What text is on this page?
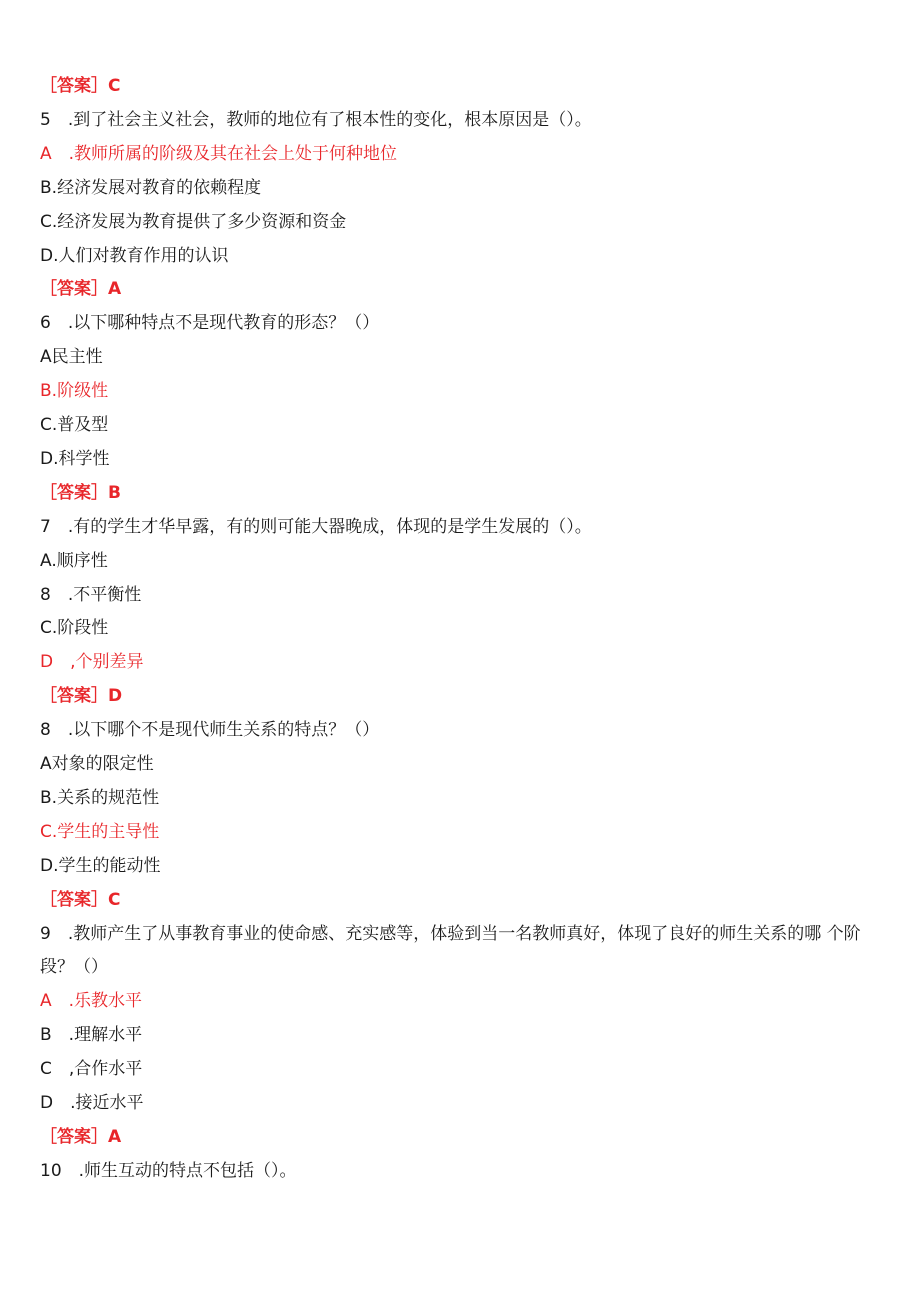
［答案］C
5　.到了社会主义社会，教师的地位有了根本性的变化，根本原因是（）。
A　.教师所属的阶级及其在社会上处于何种地位
B.经济发展对教育的依赖程度
C.经济发展为教育提供了多少资源和资金
D.人们对教育作用的认识
［答案］A
6　.以下哪种特点不是现代教育的形态？（）
A民主性
B.阶级性
C.普及型
D.科学性
［答案］B
7　.有的学生才华早露，有的则可能大器晚成，体现的是学生发展的（）。
A.顺序性
8　.不平衡性
C.阶段性
D　,个别差异
［答案］D
8　.以下哪个不是现代师生关系的特点？（）
A对象的限定性
B.关系的规范性
C.学生的主导性
D.学生的能动性
［答案］C
9　.教师产生了从事教育事业的使命感、充实感等，体验到当一名教师真好，体现了良好的师生关系的哪 个阶
段？（）
A　.乐教水平
B　.理解水平
C　,合作水平
D　.接近水平
［答案］A
10　.师生互动的特点不包括（）。
